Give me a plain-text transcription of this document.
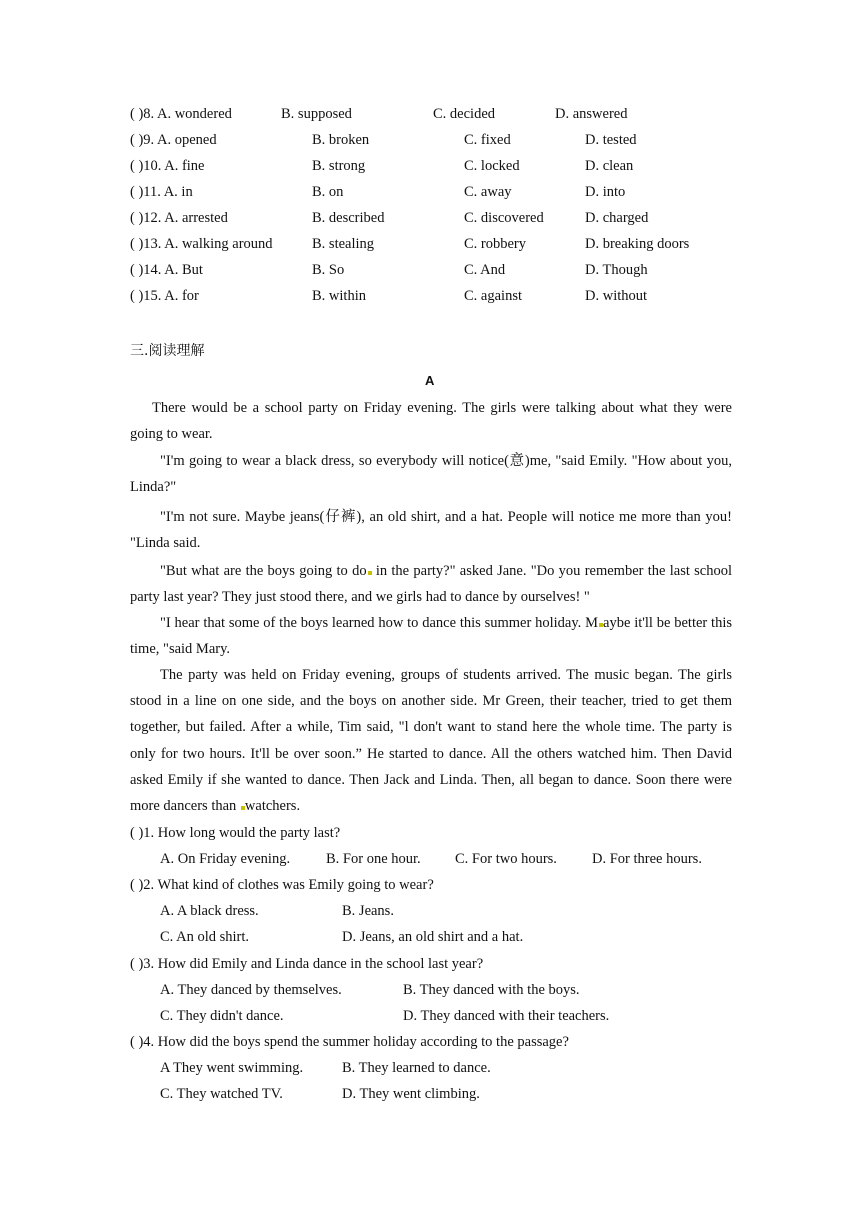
( )8. A. wondered	B. supposed	C. decided	D. answered
( )9. A. opened	B. broken	C. fixed	D. tested
( )10. A. fine	B. strong	C. locked	D. clean
( )11. A. in	B. on	C. away	D. into
( )12. A. arrested	B. described	C. discovered	D. charged
( )13. A. walking around	B. stealing	C. robbery	D. breaking doors
( )14. A. But	B. So	C. And	D. Though
( )15. A. for	B. within	C. against	D. without
三.阅读理解
A
There would be a school party on Friday evening. The girls were talking about what they were going to wear.
"I'm going to wear a black dress, so everybody will notice(意)me, "said Emily. "How about you, Linda?"
"I'm not sure. Maybe jeans(仔裤), an old shirt, and a hat. People will notice me more than you! "Linda said.
"But what are the boys going to do in the party?" asked Jane. "Do you remember the last school party last year? They just stood there, and we girls had to dance by ourselves! "
"I hear that some of the boys learned how to dance this summer holiday. M aybe it'll be better this time, "said Mary.
The party was held on Friday evening, groups of students arrived. The music began. The girls stood in a line on one side, and the boys on another side. Mr Green, their teacher, tried to get them together, but failed. After a while, Tim said, "l don't want to stand here the whole time. The party is only for two hours. It'll be over soon.” He started to dance. All the others watched him. Then David asked Emily if she wanted to dance. Then Jack and Linda. Then, all began to dance. Soon there were more dancers than watchers.
( )1. How long would the party last?
A. On Friday evening. B. For one hour. C. For two hours. D. For three hours.
( )2. What kind of clothes was Emily going to wear?
A. A black dress.	B. Jeans.
C. An old shirt.	D. Jeans, an old shirt and a hat.
( )3. How did Emily and Linda dance in the school last year?
A. They danced by themselves.	B. They danced with the boys.
C. They didn't dance.	D. They danced with their teachers.
( )4. How did the boys spend the summer holiday according to the passage?
A They went swimming.	B. They learned to dance.
C. They watched TV.	D. They went climbing.
